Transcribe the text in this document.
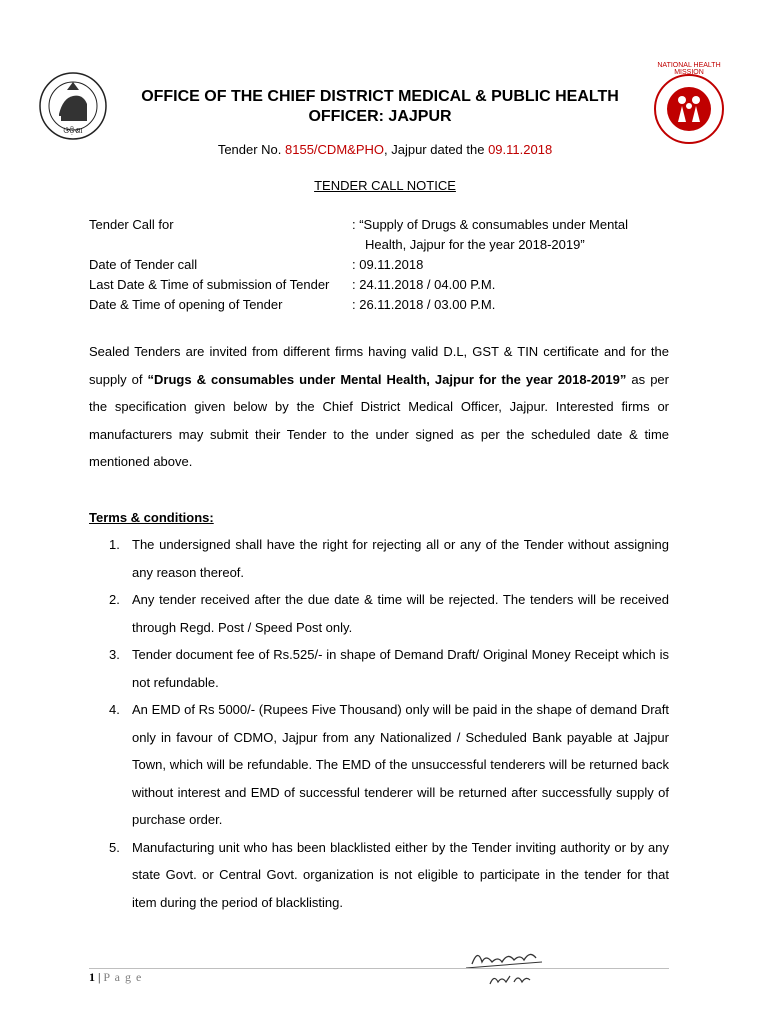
ଓଡ଼ିଶା
NATIONAL HEALTH MISSION
OFFICE OF THE CHIEF DISTRICT MEDICAL & PUBLIC HEALTH
OFFICER: JAJPUR
Tender No. 8155/CDM&PHO, Jajpur dated the 09.11.2018
TENDER CALL NOTICE
Tender Call for	: “Supply of Drugs & consumables under Mental
Health, Jajpur for the year 2018-2019”
Date of Tender call	: 09.11.2018
Last Date & Time of submission of Tender : 24.11.2018 / 04.00 P.M.
Date & Time of opening of Tender	: 26.11.2018 / 03.00 P.M.
Sealed Tenders are invited from different firms having valid D.L, GST & TIN certificate and for the supply of “Drugs & consumables under Mental Health, Jajpur for the year 2018-2019” as per the specification given below by the Chief District Medical Officer, Jajpur. Interested firms or manufacturers may submit their Tender to the under signed as per the scheduled date & time mentioned above.
Terms & conditions:
1. The undersigned shall have the right for rejecting all or any of the Tender without assigning any reason thereof.
2. Any tender received after the due date & time will be rejected. The tenders will be received through Regd. Post / Speed Post only.
3. Tender document fee of Rs.525/- in shape of Demand Draft/ Original Money Receipt which is not refundable.
4. An EMD of Rs 5000/- (Rupees Five Thousand) only will be paid in the shape of demand Draft only in favour of CDMO, Jajpur from any Nationalized / Scheduled Bank payable at Jajpur Town, which will be refundable. The EMD of the unsuccessful tenderers will be returned back without interest and EMD of successful tenderer will be returned after successfully supply of purchase order.
5. Manufacturing unit who has been blacklisted either by the Tender inviting authority or by any state Govt. or Central Govt. organization is not eligible to participate in the tender for that item during the period of blacklisting.
1 | P a g e
